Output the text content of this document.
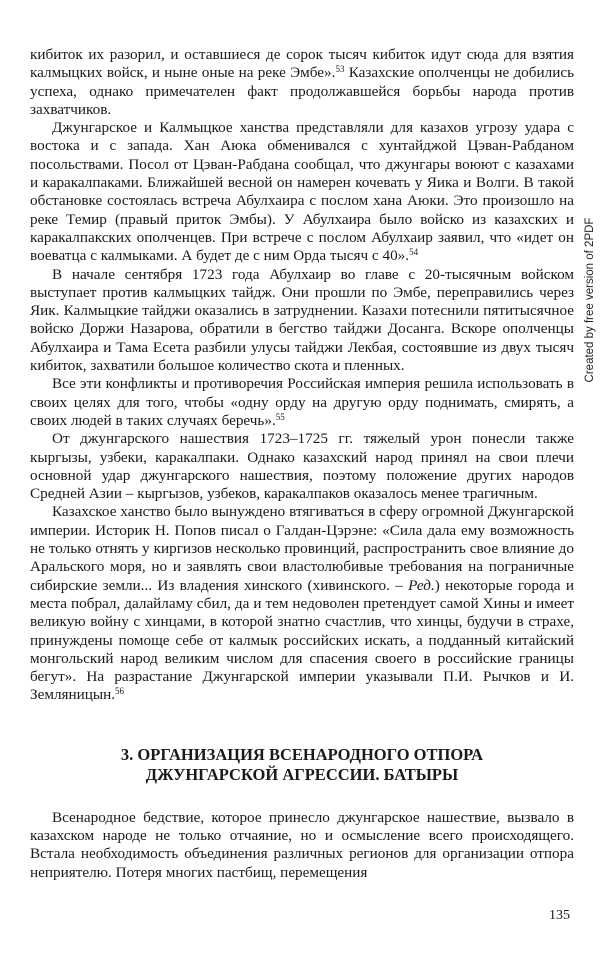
кибиток их разорил, и оставшиеся де сорок тысяч кибиток идут сюда для взятия калмыцких войск, и ныне оные на реке Эмбе».$^{53}$ Казахские ополченцы не добились успеха, однако примечателен факт продолжавшейся борьбы народа против захватчиков.

Джунгарское и Калмыцкое ханства представляли для казахов угрозу удара с востока и с запада. Хан Аюка обменивался с хунтайджой Цэван-Рабданом посольствами. Посол от Цэван-Рабдана сообщал, что джунгары воюют с казахами и каракалпаками. Ближайшей весной он намерен кочевать у Яика и Волги. В такой обстановке состоялась встреча Абулхаира с послом хана Аюки. Это произошло на реке Темир (правый приток Эмбы). У Абулхаира было войско из казахских и каракалпакских ополченцев. При встрече с послом Абулхаир заявил, что «идет он воеватца с калмыками. А будет де с ним Орда тысяч с 40».$^{54}$

В начале сентября 1723 года Абулхаир во главе с 20-тысячным войском выступает против калмыцких тайдж. Они прошли по Эмбе, переправились через Яик. Калмыцкие тайджи оказались в затруднении. Казахи потеснили пятитысячное войско Доржи Назарова, обратили в бегство тайджи Досанга. Вскоре ополченцы Абулхаира и Тама Есета разбили улусы тайджи Лекбая, состоявшие из двух тысяч кибиток, захватили большое количество скота и пленных.

Все эти конфликты и противоречия Российская империя решила использовать в своих целях для того, чтобы «одну орду на другую орду поднимать, смирять, а своих людей в таких случаях беречь».$^{55}$

От джунгарского нашествия 1723–1725 гг. тяжелый урон понесли также кыргызы, узбеки, каракалпаки. Однако казахский народ принял на свои плечи основной удар джунгарского нашествия, поэтому положение других народов Средней Азии – кыргызов, узбеков, каракалпаков оказалось менее трагичным.

Казахское ханство было вынуждено втягиваться в сферу огромной Джунгарской империи. Историк Н. Попов писал о Галдан-Цэрэне: «Сила дала ему возможность не только отнять у киргизов несколько провинций, распространить свое влияние до Аральского моря, но и заявлять свои властолюбивые требования на пограничные сибирские земли... Из владения хинского (хивинского. – Ред.) некоторые города и места побрал, далайламу сбил, да и тем недоволен претендует самой Хины и имеет великую войну с хинцами, в которой знатно счастлив, что хинцы, будучи в страхе, принуждены помоще себе от калмык российских искать, а подданный китайский монгольский народ великим числом для спасения своего в российские границы бегут». На разрастание Джунгарской империи указывали П.И. Рычков и И. Земляницын.$^{56}$

3. ОРГАНИЗАЦИЯ ВСЕНАРОДНОГО ОТПОРА
ДЖУНГАРСКОЙ АГРЕССИИ. БАТЫРЫ

Всенародное бедствие, которое принесло джунгарское нашествие, вызвало в казахском народе не только отчаяние, но и осмысление всего происходящего. Встала необходимость объединения различных регионов для организации отпора неприятелю. Потеря многих пастбищ, перемещения

Created by free version of 2PDF
135
